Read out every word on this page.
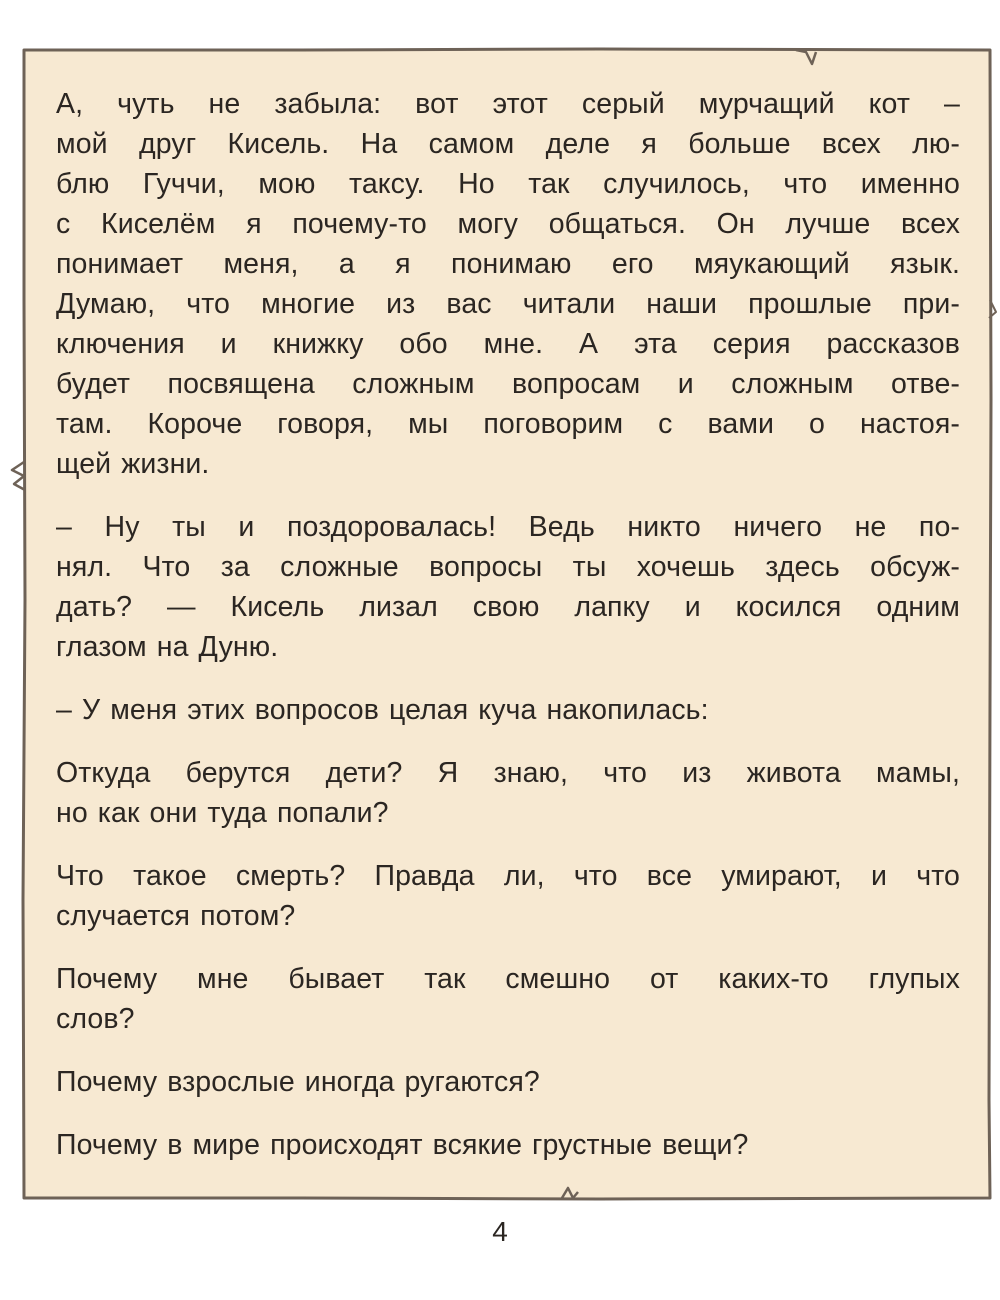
А, чуть не забыла: вот этот серый мурчащий кот –
мой друг Кисель. На самом деле я больше всех лю-
блю Гуччи, мою таксу. Но так случилось, что именно
с Киселём я почему-то могу общаться. Он лучше всех
понимает меня, а я понимаю его мяукающий язык.
Думаю, что многие из вас читали наши прошлые при-
ключения и книжку обо мне. А эта серия рассказов
будет посвящена сложным вопросам и сложным отве-
там. Короче говоря, мы поговорим с вами о настоя-
щей жизни.

– Ну ты и поздоровалась! Ведь никто ничего не по-
нял. Что за сложные вопросы ты хочешь здесь обсуж-
дать? — Кисель лизал свою лапку и косился одним
глазом на Дуню.

– У меня этих вопросов целая куча накопилась:

Откуда берутся дети? Я знаю, что из живота мамы,
но как они туда попали?

Что такое смерть? Правда ли, что все умирают, и что
случается потом?

Почему мне бывает так смешно от каких-то глупых
слов?

Почему взрослые иногда ругаются?

Почему в мире происходят всякие грустные вещи?

4
